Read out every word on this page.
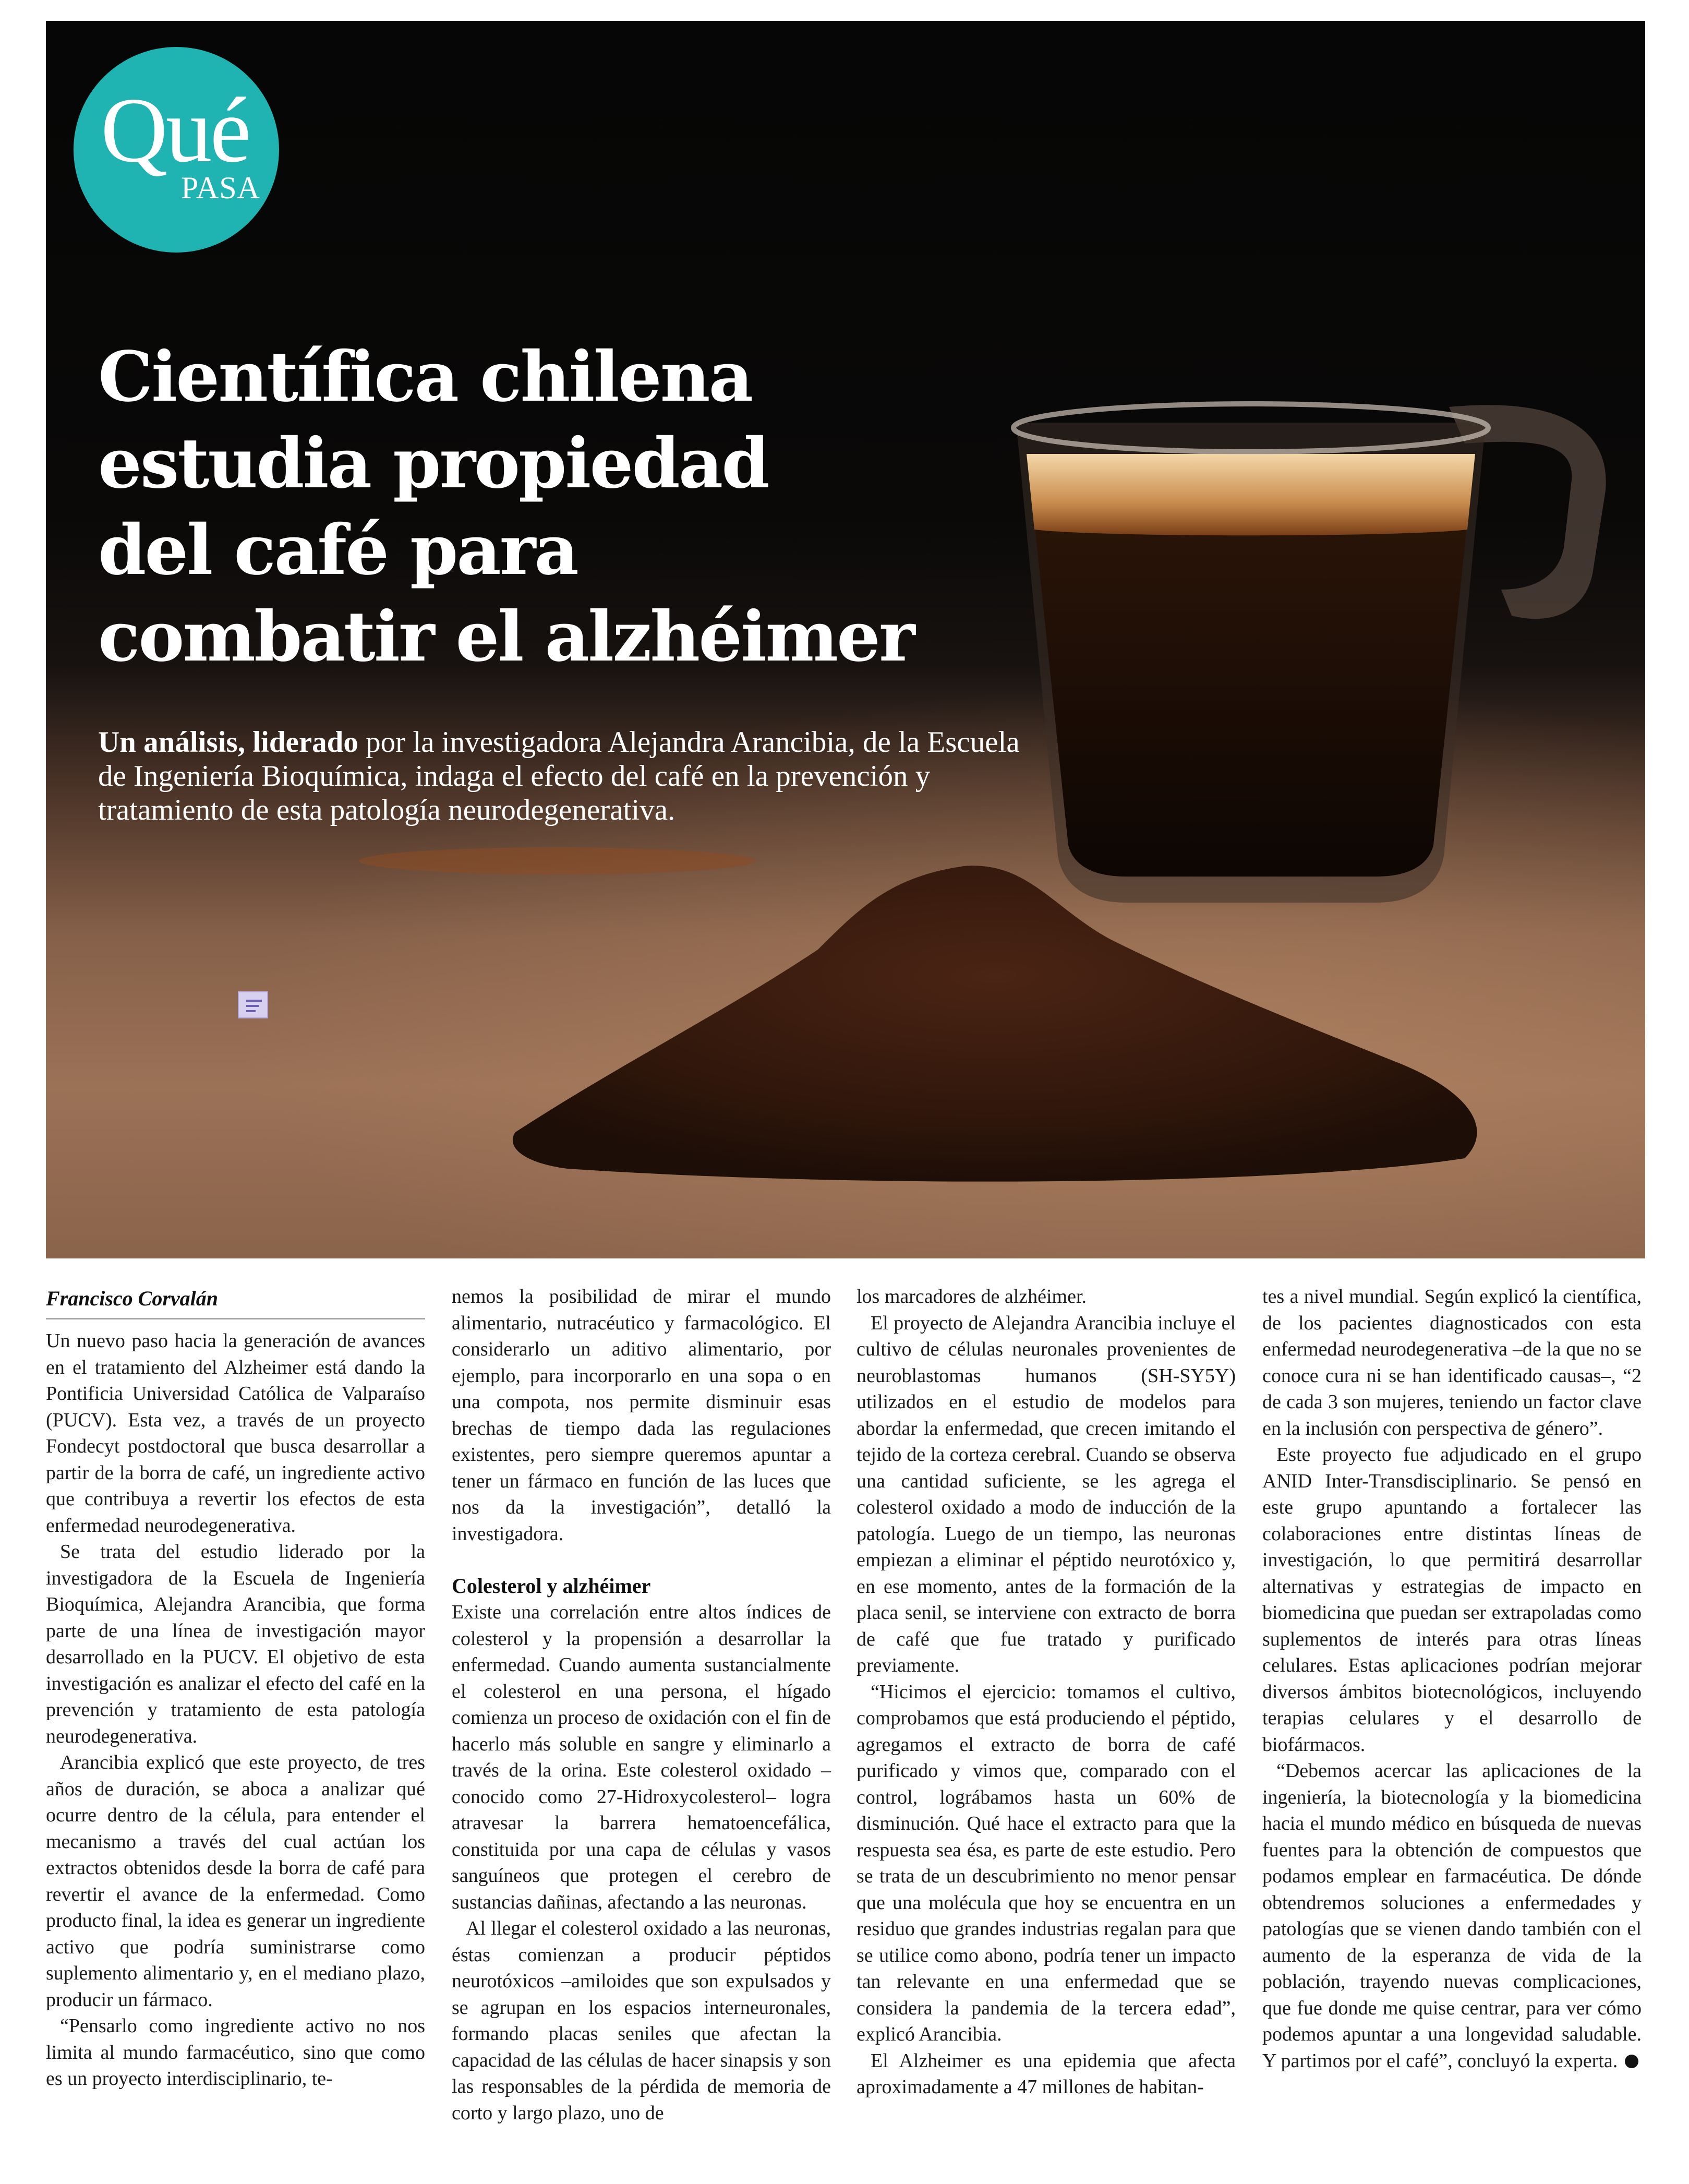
Qué
PASA
Científica chilena
estudia propiedad
del café para
combatir el alzhéimer

Un análisis, liderado por la investigadora Alejandra Arancibia, de la Escuela de Ingeniería Bioquímica, indaga el efecto del café en la prevención y tratamiento de esta patología neurodegenerativa.

Francisco Corvalán

Un nuevo paso hacia la generación de avances en el tratamiento del Alzheimer está dando la Pontificia Universidad Católica de Valparaíso (PUCV). Esta vez, a través de un proyecto Fondecyt postdoctoral que busca desarrollar a partir de la borra de café, un ingrediente activo que contribuya a revertir los efectos de esta enfermedad neurodegenerativa.

Se trata del estudio liderado por la investigadora de la Escuela de Ingeniería Bioquímica, Alejandra Arancibia, que forma parte de una línea de investigación mayor desarrollado en la PUCV. El objetivo de esta investigación es analizar el efecto del café en la prevención y tratamiento de esta patología neurodegenerativa.

Arancibia explicó que este proyecto, de tres años de duración, se aboca a analizar qué ocurre dentro de la célula, para entender el mecanismo a través del cual actúan los extractos obtenidos desde la borra de café para revertir el avance de la enfermedad. Como producto final, la idea es generar un ingrediente activo que podría suministrarse como suplemento alimentario y, en el mediano plazo, producir un fármaco.

“Pensarlo como ingrediente activo no nos limita al mundo farmacéutico, sino que como es un proyecto interdisciplinario, te-

nemos la posibilidad de mirar el mundo alimentario, nutracéutico y farmacológico. El considerarlo un aditivo alimentario, por ejemplo, para incorporarlo en una sopa o en una compota, nos permite disminuir esas brechas de tiempo dada las regulaciones existentes, pero siempre queremos apuntar a tener un fármaco en función de las luces que nos da la investigación”, detalló la investigadora.

Colesterol y alzhéimer

Existe una correlación entre altos índices de colesterol y la propensión a desarrollar la enfermedad. Cuando aumenta sustancialmente el colesterol en una persona, el hígado comienza un proceso de oxidación con el fin de hacerlo más soluble en sangre y eliminarlo a través de la orina. Este colesterol oxidado –conocido como 27-Hidroxycolesterol– logra atravesar la barrera hematoencefálica, constituida por una capa de células y vasos sanguíneos que protegen el cerebro de sustancias dañinas, afectando a las neuronas.

Al llegar el colesterol oxidado a las neuronas, éstas comienzan a producir péptidos neurotóxicos –amiloides que son expulsados y se agrupan en los espacios interneuronales, formando placas seniles que afectan la capacidad de las células de hacer sinapsis y son las responsables de la pérdida de memoria de corto y largo plazo, uno de

los marcadores de alzhéimer.

El proyecto de Alejandra Arancibia incluye el cultivo de células neuronales provenientes de neuroblastomas humanos (SH-SY5Y) utilizados en el estudio de modelos para abordar la enfermedad, que crecen imitando el tejido de la corteza cerebral. Cuando se observa una cantidad suficiente, se les agrega el colesterol oxidado a modo de inducción de la patología. Luego de un tiempo, las neuronas empiezan a eliminar el péptido neurotóxico y, en ese momento, antes de la formación de la placa senil, se interviene con extracto de borra de café que fue tratado y purificado previamente.

“Hicimos el ejercicio: tomamos el cultivo, comprobamos que está produciendo el péptido, agregamos el extracto de borra de café purificado y vimos que, comparado con el control, lográbamos hasta un 60% de disminución. Qué hace el extracto para que la respuesta sea ésa, es parte de este estudio. Pero se trata de un descubrimiento no menor pensar que una molécula que hoy se encuentra en un residuo que grandes industrias regalan para que se utilice como abono, podría tener un impacto tan relevante en una enfermedad que se considera la pandemia de la tercera edad”, explicó Arancibia.

El Alzheimer es una epidemia que afecta aproximadamente a 47 millones de habitan-

tes a nivel mundial. Según explicó la científica, de los pacientes diagnosticados con esta enfermedad neurodegenerativa –de la que no se conoce cura ni se han identificado causas–, “2 de cada 3 son mujeres, teniendo un factor clave en la inclusión con perspectiva de género”.

Este proyecto fue adjudicado en el grupo ANID Inter-Transdisciplinario. Se pensó en este grupo apuntando a fortalecer las colaboraciones entre distintas líneas de investigación, lo que permitirá desarrollar alternativas y estrategias de impacto en biomedicina que puedan ser extrapoladas como suplementos de interés para otras líneas celulares. Estas aplicaciones podrían mejorar diversos ámbitos biotecnológicos, incluyendo terapias celulares y el desarrollo de biofármacos.

“Debemos acercar las aplicaciones de la ingeniería, la biotecnología y la biomedicina hacia el mundo médico en búsqueda de nuevas fuentes para la obtención de compuestos que podamos emplear en farmacéutica. De dónde obtendremos soluciones a enfermedades y patologías que se vienen dando también con el aumento de la esperanza de vida de la población, trayendo nuevas complicaciones, que fue donde me quise centrar, para ver cómo podemos apuntar a una longevidad saludable. Y partimos por el café”, concluyó la experta.
